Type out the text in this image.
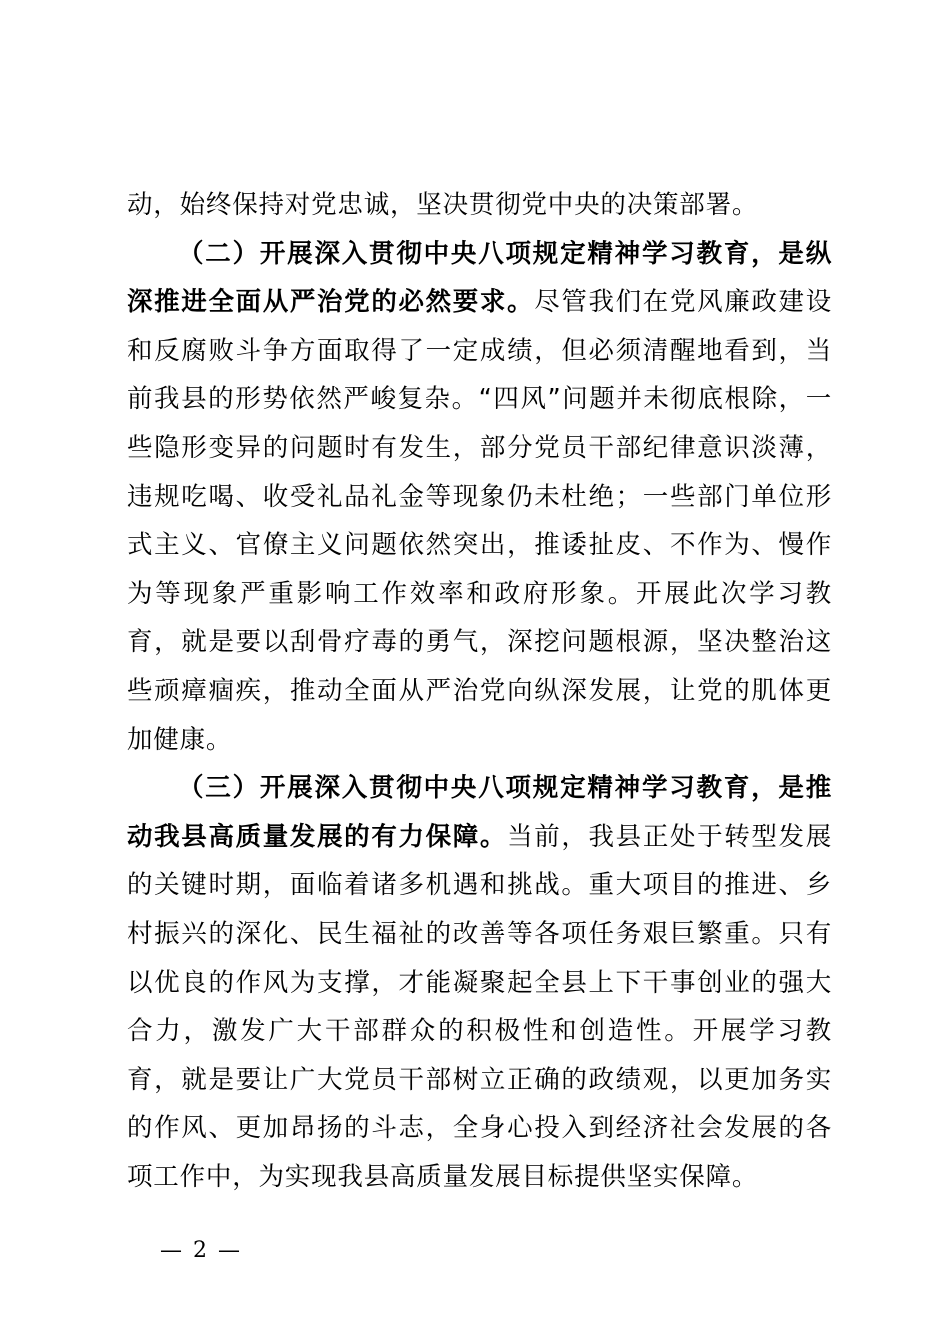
动，始终保持对党忠诚，坚决贯彻党中央的决策部署。

（二）开展深入贯彻中央八项规定精神学习教育，是纵深推进全面从严治党的必然要求。尽管我们在党风廉政建设和反腐败斗争方面取得了一定成绩，但必须清醒地看到，当前我县的形势依然严峻复杂。“四风”问题并未彻底根除，一些隐形变异的问题时有发生，部分党员干部纪律意识淡薄，违规吃喝、收受礼品礼金等现象仍未杜绝；一些部门单位形式主义、官僚主义问题依然突出，推诿扯皮、不作为、慢作为等现象严重影响工作效率和政府形象。开展此次学习教育，就是要以刮骨疗毒的勇气，深挖问题根源，坚决整治这些顽瘴痼疾，推动全面从严治党向纵深发展，让党的肌体更加健康。

（三）开展深入贯彻中央八项规定精神学习教育，是推动我县高质量发展的有力保障。当前，我县正处于转型发展的关键时期，面临着诸多机遇和挑战。重大项目的推进、乡村振兴的深化、民生福祉的改善等各项任务艰巨繁重。只有以优良的作风为支撑，才能凝聚起全县上下干事创业的强大合力，激发广大干部群众的积极性和创造性。开展学习教育，就是要让广大党员干部树立正确的政绩观，以更加务实的作风、更加昂扬的斗志，全身心投入到经济社会发展的各项工作中，为实现我县高质量发展目标提供坚实保障。

— 2 —
